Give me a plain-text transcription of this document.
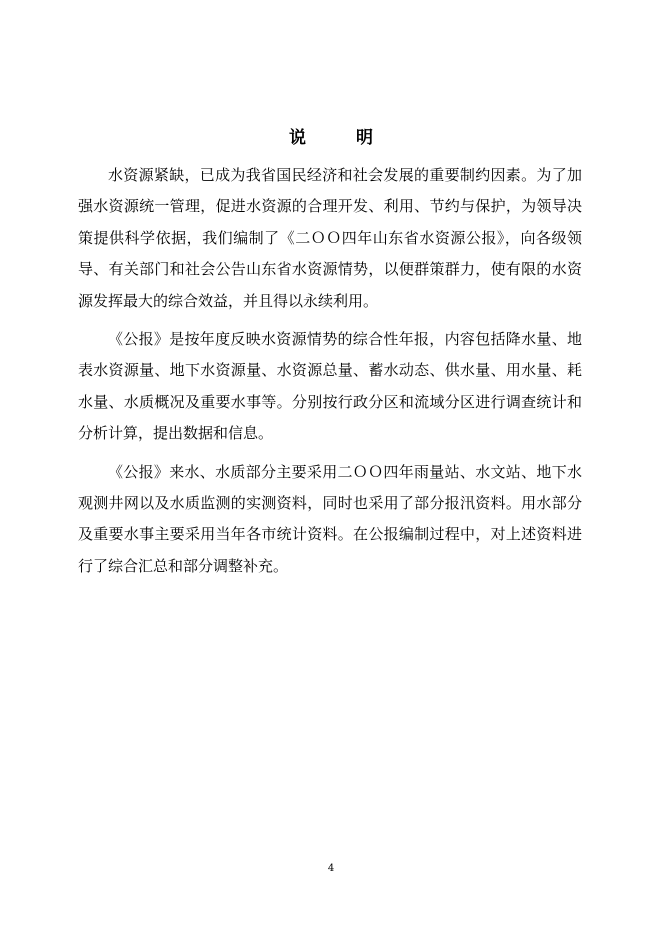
说	明

水资源紧缺，已成为我省国民经济和社会发展的重要制约因素。为了加强水资源统一管理，促进水资源的合理开发、利用、节约与保护，为领导决策提供科学依据，我们编制了《二ＯＯ四年山东省水资源公报》，向各级领导、有关部门和社会公告山东省水资源情势，以便群策群力，使有限的水资源发挥最大的综合效益，并且得以永续利用。

《公报》是按年度反映水资源情势的综合性年报，内容包括降水量、地表水资源量、地下水资源量、水资源总量、蓄水动态、供水量、用水量、耗水量、水质概况及重要水事等。分别按行政分区和流域分区进行调查统计和分析计算，提出数据和信息。

《公报》来水、水质部分主要采用二ＯＯ四年雨量站、水文站、地下水观测井网以及水质监测的实测资料，同时也采用了部分报汛资料。用水部分及重要水事主要采用当年各市统计资料。在公报编制过程中，对上述资料进行了综合汇总和部分调整补充。

4
